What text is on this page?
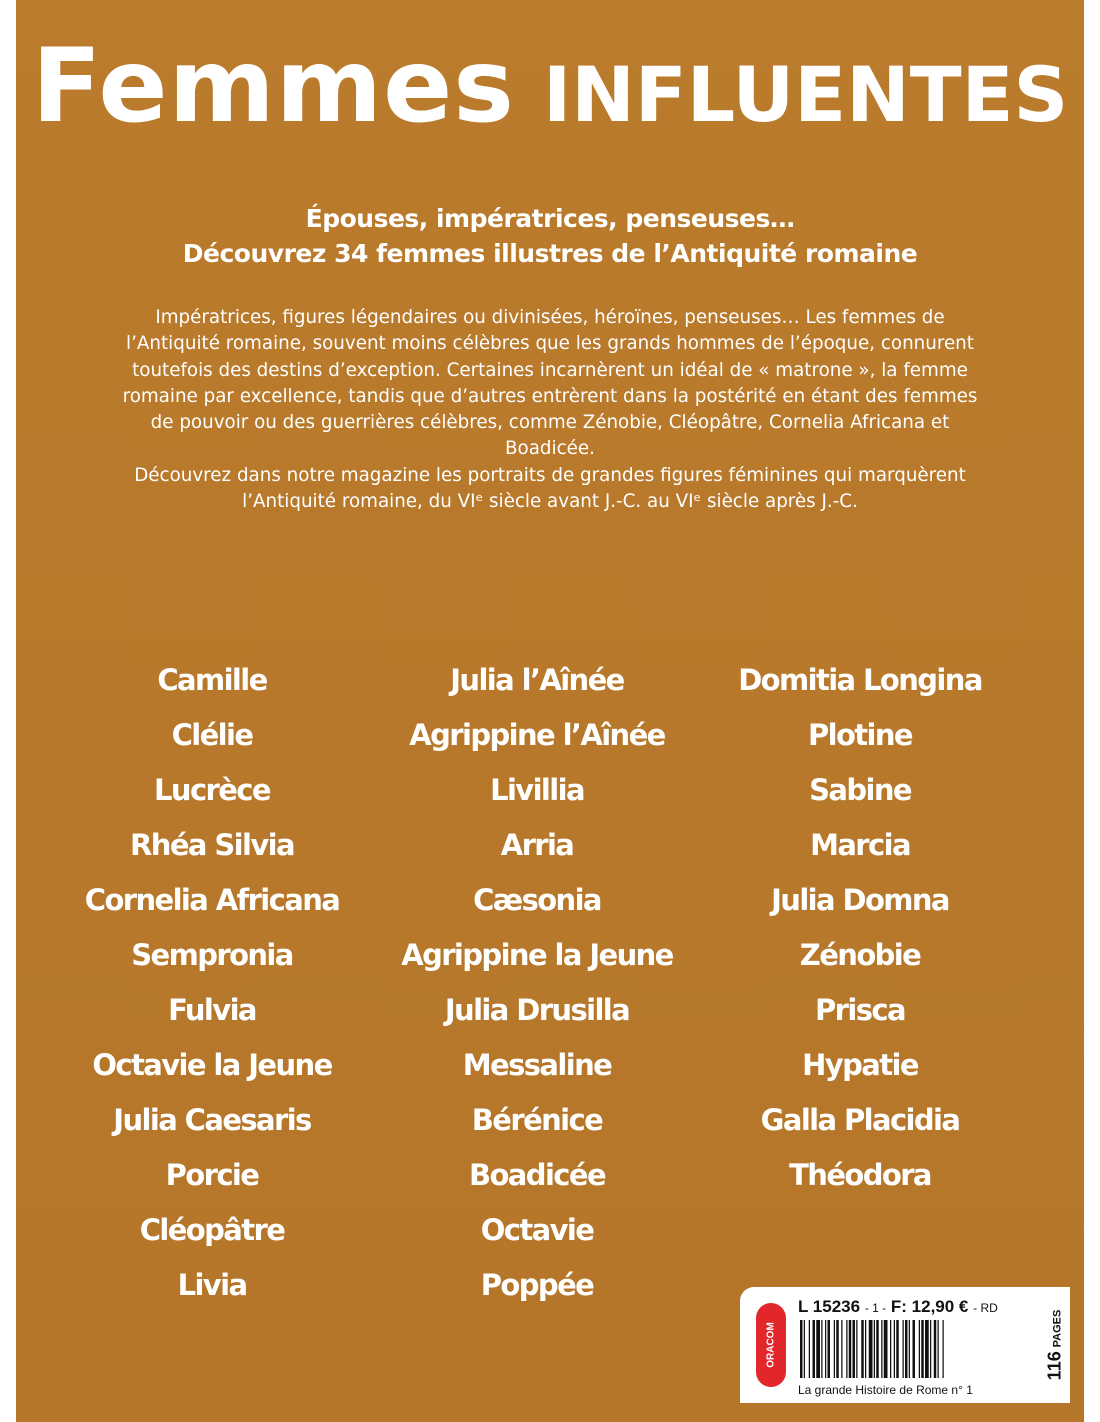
Femmes INFLUENTES
Épouses, impératrices, penseuses…
Découvrez 34 femmes illustres de l’Antiquité romaine

Impératrices, figures légendaires ou divinisées, héroïnes, penseuses… Les femmes de l’Antiquité romaine, souvent moins célèbres que les grands hommes de l’époque, connurent toutefois des destins d’exception. Certaines incarnèrent un idéal de « matrone », la femme romaine par excellence, tandis que d’autres entrèrent dans la postérité en étant des femmes de pouvoir ou des guerrières célèbres, comme Zénobie, Cléopâtre, Cornelia Africana et Boadicée.

Découvrez dans notre magazine les portraits de grandes figures féminines qui marquèrent l’Antiquité romaine, du VIᵉ siècle avant J.-C. au VIᵉ siècle après J.-C.

Camille
Clélie
Lucrèce
Rhéa Silvia
Cornelia Africana
Sempronia
Fulvia
Octavie la Jeune
Julia Caesaris
Porcie
Cléopâtre
Livia
Julia l’Aînée
Agrippine l’Aînée
Livillia
Arria
Cæsonia
Agrippine la Jeune
Julia Drusilla
Messaline
Bérénice
Boadicée
Octavie
Poppée
Domitia Longina
Plotine
Sabine
Marcia
Julia Domna
Zénobie
Prisca
Hypatie
Galla Placidia
Théodora
ORACOM
L 15236 - 1 - F: 12,90 € - RD
La grande Histoire de Rome n° 1
116 PAGES
